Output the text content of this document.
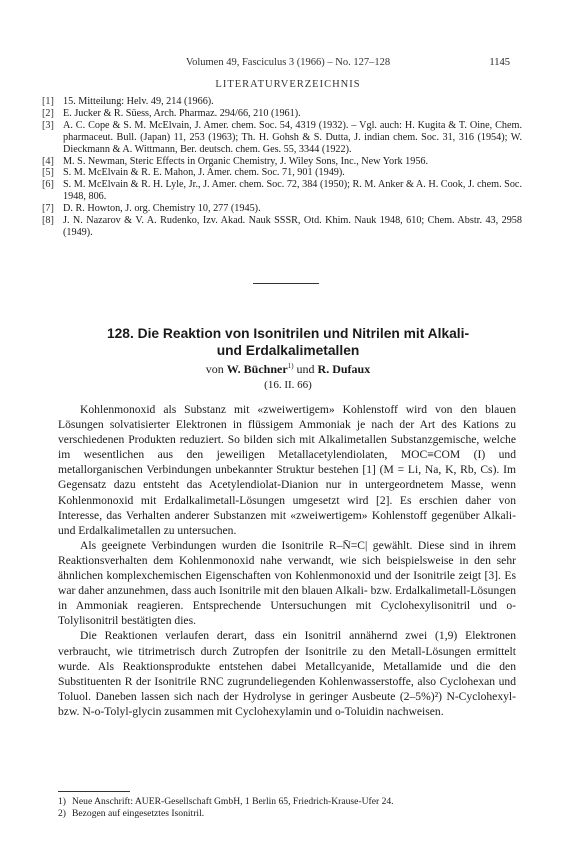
Volumen 49, Fasciculus 3 (1966) – No. 127–128	1145
LITERATURVERZEICHNIS
[1] 15. Mitteilung: Helv. 49, 214 (1966).
[2] E. Jucker & R. Süess, Arch. Pharmaz. 294/66, 210 (1961).
[3] A. C. Cope & S. M. McElvain, J. Amer. chem. Soc. 54, 4319 (1932). – Vgl. auch: H. Kugita & T. Oine, Chem. pharmaceut. Bull. (Japan) 11, 253 (1963); Th. H. Gohsh & S. Dutta, J. indian chem. Soc. 31, 316 (1954); W. Dieckmann & A. Wittmann, Ber. deutsch. chem. Ges. 55, 3344 (1922).
[4] M. S. Newman, Steric Effects in Organic Chemistry, J. Wiley Sons, Inc., New York 1956.
[5] S. M. McElvain & R. E. Mahon, J. Amer. chem. Soc. 71, 901 (1949).
[6] S. M. McElvain & R. H. Lyle, Jr., J. Amer. chem. Soc. 72, 384 (1950); R. M. Anker & A. H. Cook, J. chem. Soc. 1948, 806.
[7] D. R. Howton, J. org. Chemistry 10, 277 (1945).
[8] J. N. Nazarov & V. A. Rudenko, Izv. Akad. Nauk SSSR, Otd. Khim. Nauk 1948, 610; Chem. Abstr. 43, 2958 (1949).
128. Die Reaktion von Isonitrilen und Nitrilen mit Alkali-
und Erdalkalimetallen
von W. Büchner$^{1)}$ und R. Dufaux
(16. II. 66)

Kohlenmonoxid als Substanz mit «zweiwertigem» Kohlenstoff wird von den blauen Lösungen solvatisierter Elektronen in flüssigem Ammoniak je nach der Art des Kations zu verschiedenen Produkten reduziert. So bilden sich mit Alkalimetallen Substanzgemische, welche im wesentlichen aus den jeweiligen Metallacetylendiolaten, MOC≡COM (I) und metallorganischen Verbindungen unbekannter Struktur bestehen [1] (M = Li, Na, K, Rb, Cs). Im Gegensatz dazu entsteht das Acetylendiolat-Dianion nur in untergeordnetem Masse, wenn Kohlenmonoxid mit Erdalkalimetall-Lösungen umgesetzt wird [2]. Es erschien daher von Interesse, das Verhalten anderer Substanzen mit «zweiwertigem» Kohlenstoff gegenüber Alkali- und Erdalkalimetallen zu untersuchen.

Als geeignete Verbindungen wurden die Isonitrile R–N̄=C| gewählt. Diese sind in ihrem Reaktionsverhalten dem Kohlenmonoxid nahe verwandt, wie sich beispielsweise in den sehr ähnlichen komplexchemischen Eigenschaften von Kohlenmonoxid und der Isonitrile zeigt [3]. Es war daher anzunehmen, dass auch Isonitrile mit den blauen Alkali- bzw. Erdalkalimetall-Lösungen in Ammoniak reagieren. Entsprechende Untersuchungen mit Cyclohexylisonitril und o-Tolylisonitril bestätigten dies.

Die Reaktionen verlaufen derart, dass ein Isonitril annähernd zwei (1,9) Elektronen verbraucht, wie titrimetrisch durch Zutropfen der Isonitrile zu den Metall-Lösungen ermittelt wurde. Als Reaktionsprodukte entstehen dabei Metallcyanide, Metallamide und die den Substituenten R der Isonitrile RNC zugrundeliegenden Kohlenwasserstoffe, also Cyclohexan und Toluol. Daneben lassen sich nach der Hydrolyse in geringer Ausbeute (2–5%)²) N-Cyclohexyl- bzw. N-o-Tolyl-glycin zusammen mit Cyclohexylamin und o-Toluidin nachweisen.

1) Neue Anschrift: AUER-Gesellschaft GmbH, 1 Berlin 65, Friedrich-Krause-Ufer 24.
2) Bezogen auf eingesetztes Isonitril.
